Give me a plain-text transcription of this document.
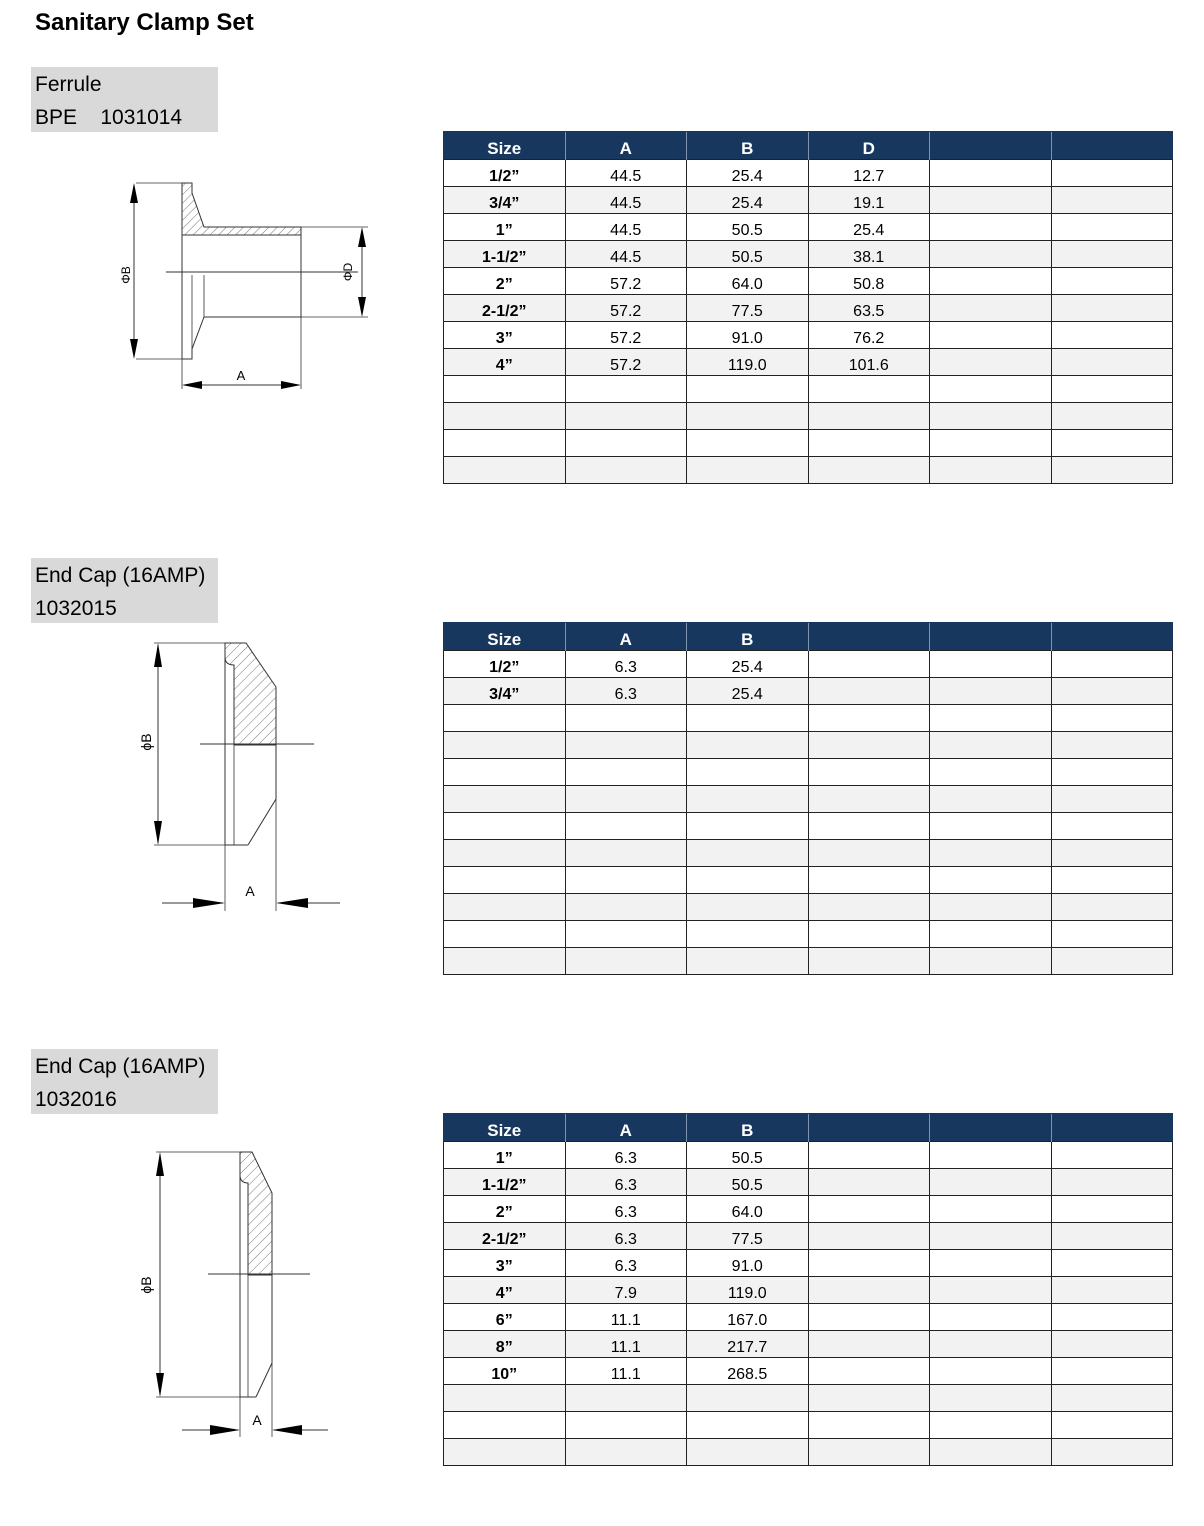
Sanitary Clamp Set
Ferrule
BPE    1031014
ΦB	ΦD
A
Size	A	B	D		
1/2”	44.5	25.4	12.7		
3/4”	44.5	25.4	19.1		
1”	44.5	50.5	25.4		
1-1/2”	44.5	50.5	38.1		
2”	57.2	64.0	50.8		
2-1/2”	57.2	77.5	63.5		
3”	57.2	91.0	76.2		
4”	57.2	119.0	101.6		

End Cap (16AMP)
1032015
ϕB
A
Size	A	B			
1/2”	6.3	25.4			
3/4”	6.3	25.4			

End Cap (16AMP)
1032016
ϕB
A
Size	A	B			
1”	6.3	50.5			
1-1/2”	6.3	50.5			
2”	6.3	64.0			
2-1/2”	6.3	77.5			
3”	6.3	91.0			
4”	7.9	119.0			
6”	11.1	167.0			
8”	11.1	217.7			
10”	11.1	268.5			
